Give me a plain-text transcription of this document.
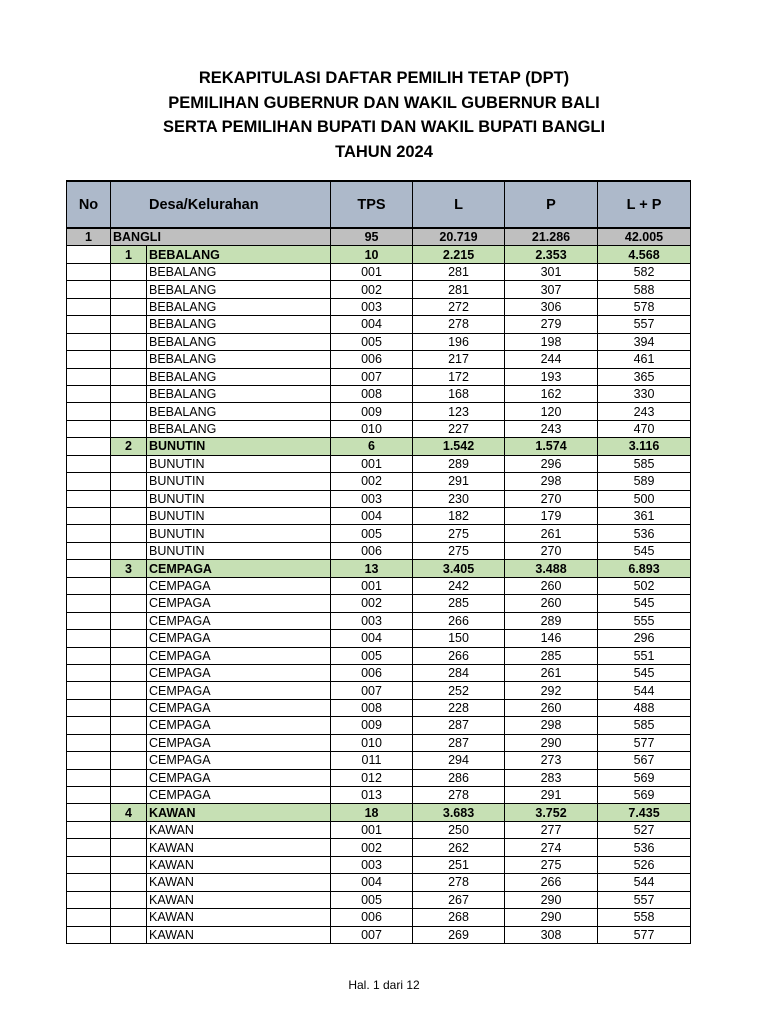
REKAPITULASI DAFTAR PEMILIH TETAP (DPT)
PEMILIHAN GUBERNUR DAN WAKIL GUBERNUR BALI
SERTA PEMILIHAN BUPATI DAN WAKIL BUPATI BANGLI
TAHUN 2024
No	Desa/Kelurahan		TPS	L	P	L + P
1	BANGLI		95	20.719	21.286	42.005
	1	BEBALANG	10	2.215	2.353	4.568
		BEBALANG	001	281	301	582
		BEBALANG	002	281	307	588
		BEBALANG	003	272	306	578
		BEBALANG	004	278	279	557
		BEBALANG	005	196	198	394
		BEBALANG	006	217	244	461
		BEBALANG	007	172	193	365
		BEBALANG	008	168	162	330
		BEBALANG	009	123	120	243
		BEBALANG	010	227	243	470
	2	BUNUTIN	6	1.542	1.574	3.116
		BUNUTIN	001	289	296	585
		BUNUTIN	002	291	298	589
		BUNUTIN	003	230	270	500
		BUNUTIN	004	182	179	361
		BUNUTIN	005	275	261	536
		BUNUTIN	006	275	270	545
	3	CEMPAGA	13	3.405	3.488	6.893
		CEMPAGA	001	242	260	502
		CEMPAGA	002	285	260	545
		CEMPAGA	003	266	289	555
		CEMPAGA	004	150	146	296
		CEMPAGA	005	266	285	551
		CEMPAGA	006	284	261	545
		CEMPAGA	007	252	292	544
		CEMPAGA	008	228	260	488
		CEMPAGA	009	287	298	585
		CEMPAGA	010	287	290	577
		CEMPAGA	011	294	273	567
		CEMPAGA	012	286	283	569
		CEMPAGA	013	278	291	569
	4	KAWAN	18	3.683	3.752	7.435
		KAWAN	001	250	277	527
		KAWAN	002	262	274	536
		KAWAN	003	251	275	526
		KAWAN	004	278	266	544
		KAWAN	005	267	290	557
		KAWAN	006	268	290	558
		KAWAN	007	269	308	577
Hal. 1 dari 12
